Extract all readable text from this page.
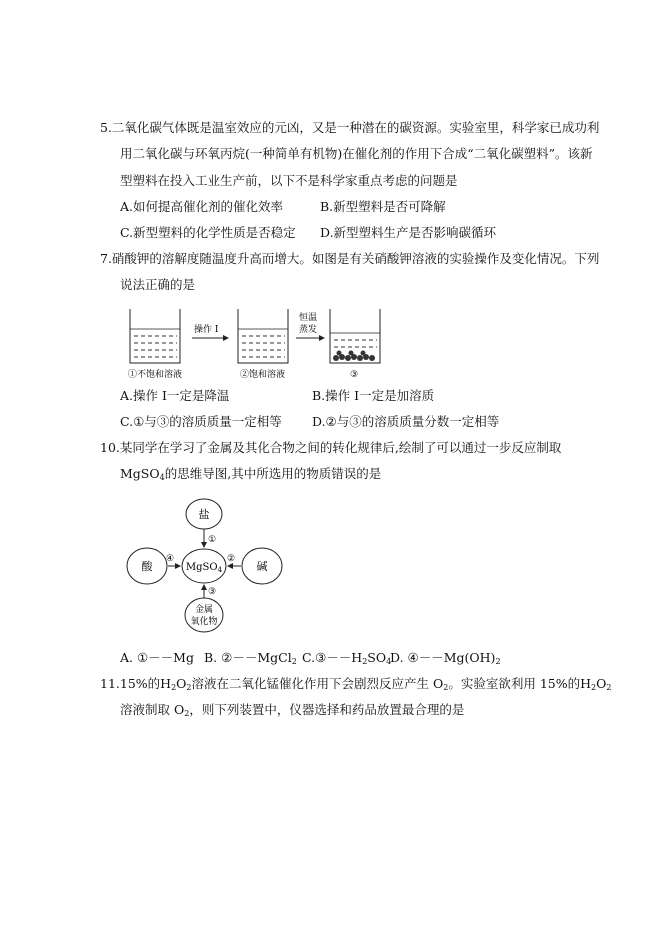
5.二氧化碳气体既是温室效应的元凶，又是一种潜在的碳资源。实验室里，科学家已成功利
用二氧化碳与环氧丙烷(一种简单有机物)在催化剂的作用下合成“二氧化碳塑料”。该新
型塑料在投入工业生产前，以下不是科学家重点考虑的问题是
A.如何提高催化剂的催化效率	B.新型塑料是否可降解
C.新型塑料的化学性质是否稳定 D.新型塑料生产是否影响碳循环
7.硝酸钾的溶解度随温度升高而增大。如图是有关硝酸钾溶液的实验操作及变化情况。下列
说法正确的是
操作 I
恒温
蒸发
①不饱和溶液	②饱和溶液	③
A.操作 I一定是降温	B.操作 I一定是加溶质
C.①与③的溶质质量一定相等 D.②与③的溶质质量分数一定相等
10.某同学在学习了金属及其化合物之间的转化规律后,绘制了可以通过一步反应制取
MgSO$_4$的思维导图,其中所选用的物质错误的是
盐
酸	碱
MgSO$_4$
金属
氧化物
①
④	②
③
A. ①－－Mg B. ②－－MgCl$_2$ $C.③--H_2SO_4$
D. $④--Mg(OH)_2$
11.15%的$H_2O_2$溶液在二氧化锰催化作用下会剧烈反应产生 $O_2$。实验室欲利用 15%的$H_2O_2$
溶液制取 $O_2$，则下列装置中，仪器选择和药品放置最合理的是
